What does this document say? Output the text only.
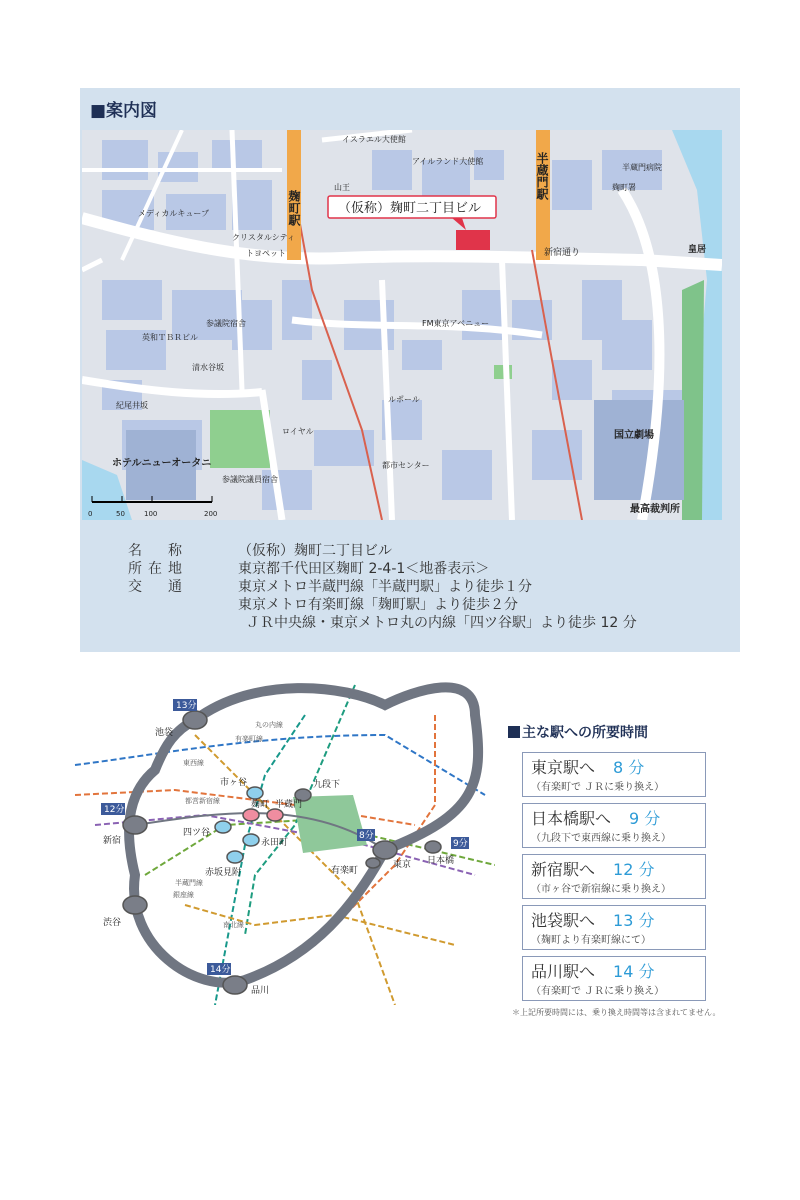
■案内図
麹町駅
半蔵門駅
新宿通り	皇居
国立劇場
最高裁判所
ホテルニューオータニ
イスラエル大使館
アイルランド大使館
FM東京アベニュー
ルポール
ロイヤル
都市センター
山王
半蔵門病院
麹町署
清水谷坂
紀尾井坂
参議院宿舎
参議院議員宿舎
英和ＴＢＲビル
トヨペット
クリスタルシティ
メディカルキューブ
0	50	100	200
（仮称）麹町二丁目ビル
名　称	（仮称）麹町二丁目ビル
所在地	東京都千代田区麹町 2-4-1＜地番表示＞
交　通	東京メトロ半蔵門線「半蔵門駅」より徒歩１分
東京メトロ有楽町線「麹町駅」より徒歩２分
ＪＲ中央線・東京メトロ丸の内線「四ツ谷駅」より徒歩 12 分
13分
12分
8分
9分
14分
池袋
市ヶ谷	九段下
新宿
四ツ谷
麹町 半蔵門
永田町
赤坂見附	有楽町
東京 日本橋
渋谷
品川
丸の内線
有楽町線
東西線
都営新宿線
南北線
半蔵門線
銀座線
主な駅への所要時間
東京駅へ 8 分
（有楽町で ＪＲに乗り換え）
日本橋駅へ 9 分
（九段下で東西線に乗り換え）
新宿駅へ 12 分
（市ヶ谷で新宿線に乗り換え）
池袋駅へ 13 分
（麹町より有楽町線にて）
品川駅へ 14 分
（有楽町で ＪＲに乗り換え）
＊上記所要時間には、乗り換え時間等は含まれてません。
